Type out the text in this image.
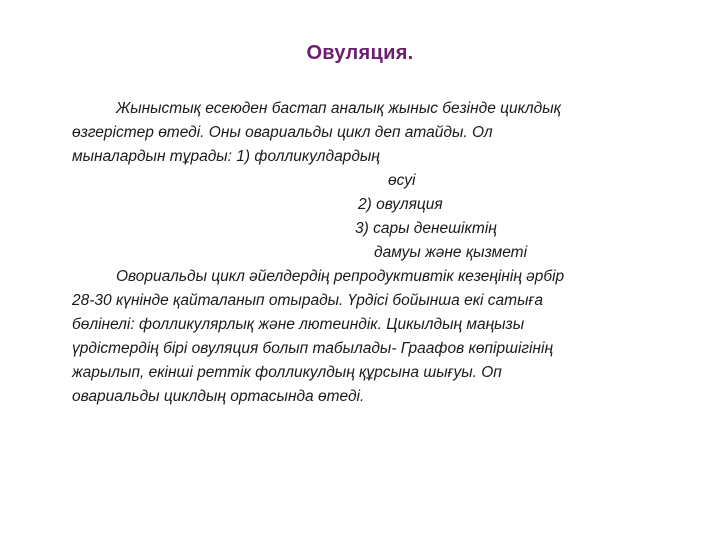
Овуляция.
Жыныстық есеюден бастап аналық жыныс безінде циклдық
өзгерістер өтеді. Оны овариальды цикл деп атайды. Ол
мыналардын тұрады: 1) фолликулдардың
өсуі
2) овуляция
3) сары денешіктің
дамуы және қызметі
Овориальды цикл әйелдердің репродуктивтік кезеңінің әрбір
28-30 күнінде қайталанып отырады. Үрдісі бойынша екі сатыға
бөлінелі: фолликулярлық және лютеиндік. Цикылдың маңызы
үрдістердің бірі овуляция болып табылады- Граафов көпіршігінің
жарылып, екінші реттік фолликулдың құрсына шығуы. Оп
овариальды циклдың ортасында өтеді.
